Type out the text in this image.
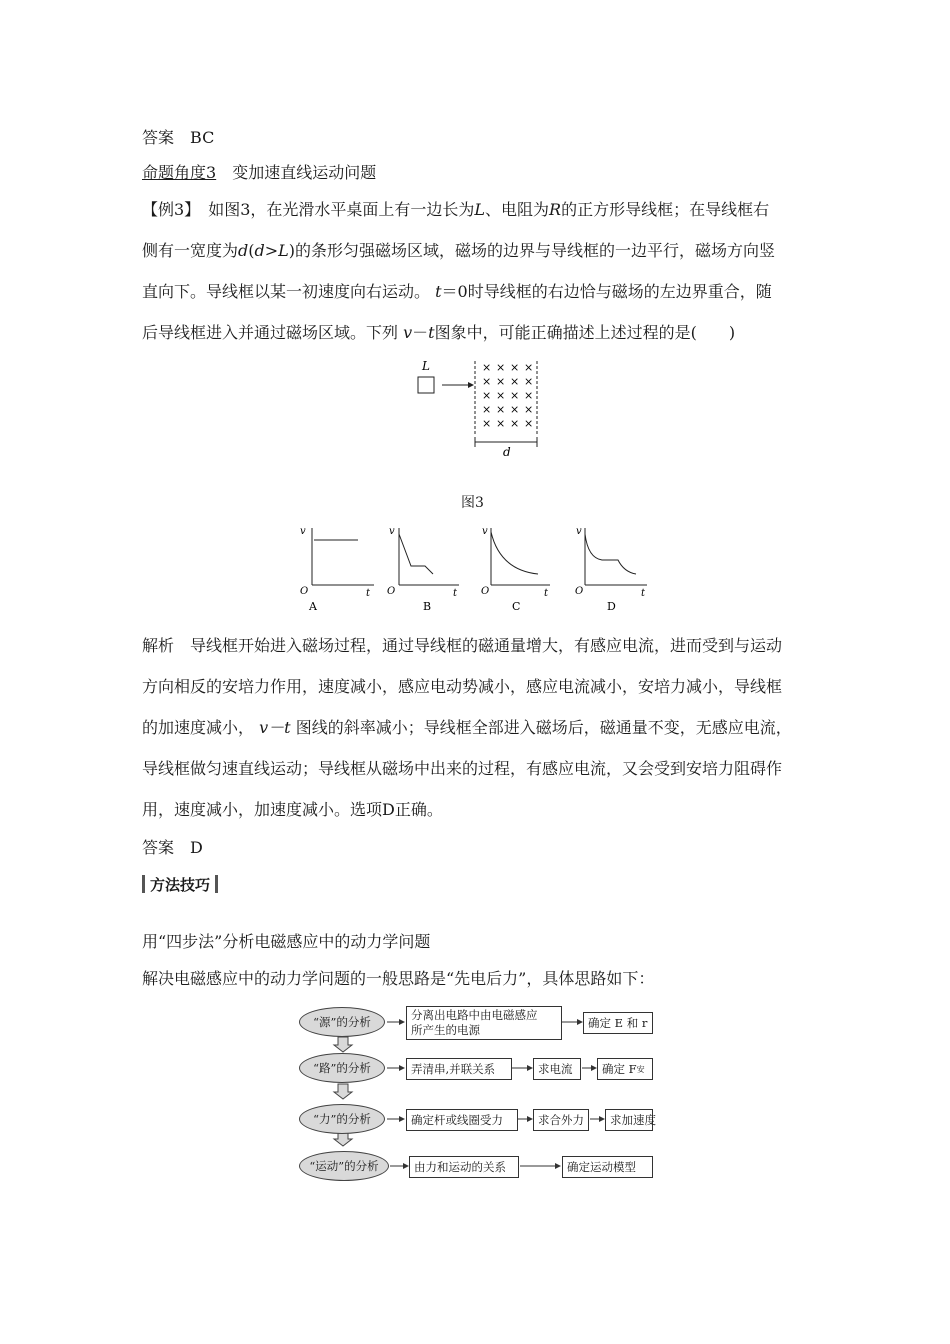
答案　 BC
命题角度3　 变加速直线运动问题
【例3】　 如图3，在光滑水平桌面上有一边长为L、电阻为R的正方形导线框；在导线框右
侧有一宽度为d(d>L)的条形匀强磁场区域，磁场的边界与导线框的一边平行，磁场方向竖
直向下。导线框以某一初速度向右运动。 t＝0时导线框的右边恰与磁场的左边界重合，随
后导线框进入并通过磁场区域。下列 v－t图象中，可能正确描述上述过程的是(　　)
L	× × × ×
× × × ×
× × × ×
× × × ×
× × × ×
d
图3
v
O	t
A
v
O	t
B
v
O	t
C
v
O	t
D
解析　导线框开始进入磁场过程，通过导线框的磁通量增大，有感应电流，进而受到与运动
方向相反的安培力作用，速度减小，感应电动势减小，感应电流减小，安培力减小，导线框
的加速度减小， v－t 图线的斜率减小；导线框全部进入磁场后，磁通量不变，无感应电流，
导线框做匀速直线运动；导线框从磁场中出来的过程，有感应电流，又会受到安培力阻碍作
用，速度减小，加速度减小。选项D正确。
答案　 D
方法技巧
用“四步法”分析电磁感应中的动力学问题
解决电磁感应中的动力学问题的一般思路是“先电后力”，具体思路如下：
“源”的分析	分离出电路中由电磁感应
所产生的电源
确定 E 和 r
“路”的分析	弄清串,并联关系	求电流	确定 F 安
“力”的分析	确定杆或线圈受力	求合外力	求加速度
“运动”的分析	由力和运动的关系	确定运动模型
